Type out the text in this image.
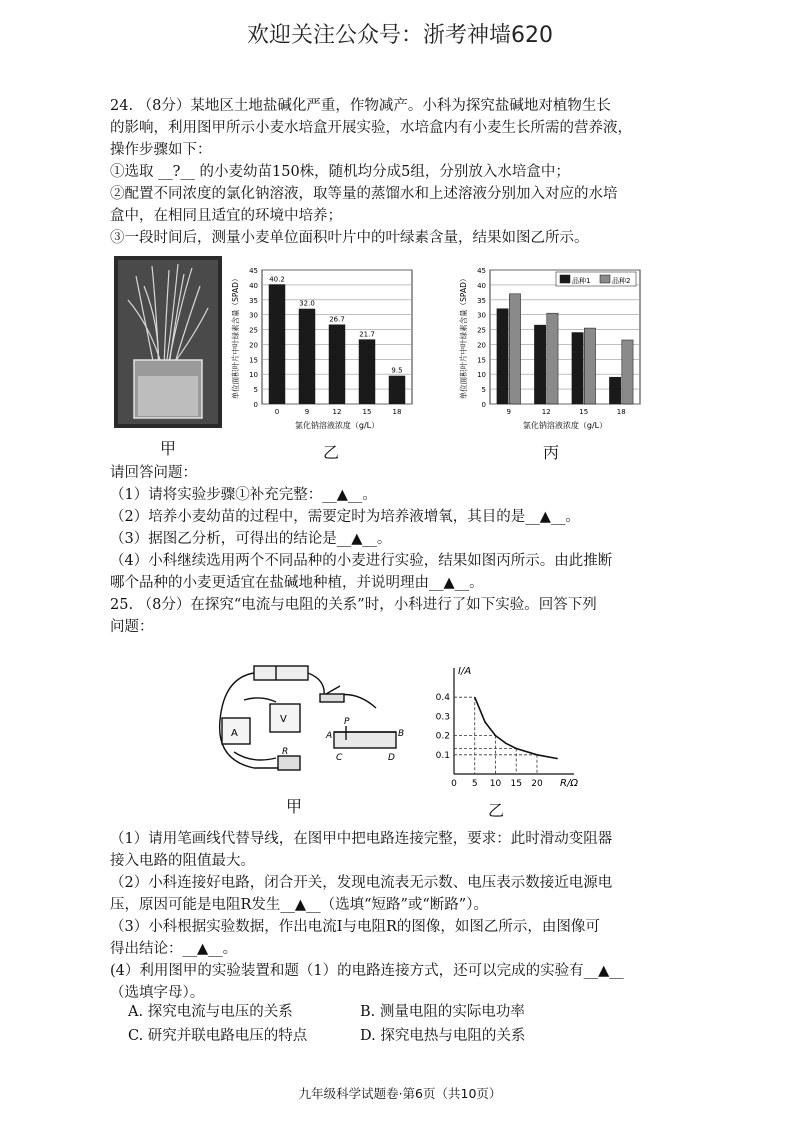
欢迎关注公众号：浙考神墙620

24. （8分）某地区土地盐碱化严重，作物减产。小科为探究盐碱地对植物生长

的影响，利用图甲所示小麦水培盒开展实验，水培盒内有小麦生长所需的营养液，

操作步骤如下：

①选取 __?__ 的小麦幼苗150株，随机均分成5组，分别放入水培盒中；

②配置不同浓度的氯化钠溶液，取等量的蒸馏水和上述溶液分别加入对应的水培

盒中，在相同且适宜的环境中培养；

③一段时间后，测量小麦单位面积叶片中的叶绿素含量，结果如图乙所示。

甲
0
5
10
15
20
25
30
35
40
45
0	9	12	15	18
40.2
32.0
26.7
21.7
9.5
单位面积叶片中叶绿素含量（SPAD）
氯化钠溶液浓度（g/L）
乙
0
5
10
15
20
25
30
35
40
45
9	12	15	18
品种1	品种2
单位面积叶片中叶绿素含量（SPAD）
氯化钠溶液浓度（g/L）
丙

请回答问题：

（1）请将实验步骤①补充完整：__▲__。

（2）培养小麦幼苗的过程中，需要定时为培养液增氧，其目的是__▲__。

（3）据图乙分析，可得出的结论是__▲__。

（4）小科继续选用两个不同品种的小麦进行实验，结果如图丙所示。由此推断

哪个品种的小麦更适宜在盐碱地种植，并说明理由__▲__。

25. （8分）在探究“电流与电阻的关系”时，小科进行了如下实验。回答下列

问题：

A
V
R
A	B
C	D
P
甲
0.1
0.2
0.3
0.4
0 5 10 15 20
I/A
R/Ω
乙

（1）请用笔画线代替导线，在图甲中把电路连接完整，要求：此时滑动变阻器

接入电路的阻值最大。

（2）小科连接好电路，闭合开关，发现电流表无示数、电压表示数接近电源电

压，原因可能是电阻R发生__▲__（选填“短路”或“断路”）。

（3）小科根据实验数据，作出电流I与电阻R的图像，如图乙所示，由图像可

得出结论：__▲__。

(4）利用图甲的实验装置和题（1）的电路连接方式，还可以完成的实验有__▲__

（选填字母）。

A. 探究电流与电压的关系	B. 测量电阻的实际电功率
C. 研究并联电路电压的特点	D. 探究电热与电阻的关系
九年级科学试题卷·第6页（共10页）
